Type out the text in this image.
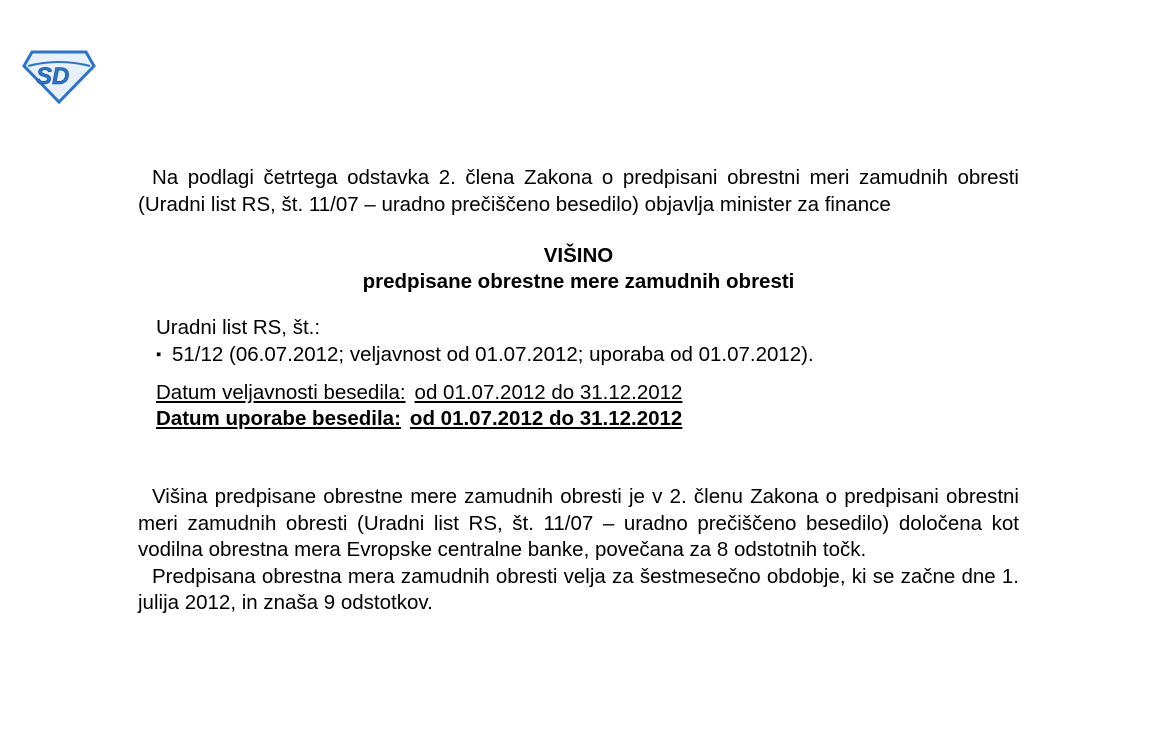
SD

Na podlagi četrtega odstavka 2. člena Zakona o predpisani obrestni meri zamudnih obresti (Uradni list RS, št. 11/07 – uradno prečiščeno besedilo) objavlja minister za finance

VIŠINO
predpisane obrestne mere zamudnih obresti
Uradni list RS, št.:
▪ 51/12 (06.07.2012; veljavnost od 01.07.2012; uporaba od 01.07.2012).
Datum veljavnosti besedila: od 01.07.2012 do 31.12.2012
Datum uporabe besedila: od 01.07.2012 do 31.12.2012

Višina predpisane obrestne mere zamudnih obresti je v 2. členu Zakona o predpisani obrestni meri zamudnih obresti (Uradni list RS, št. 11/07 – uradno prečiščeno besedilo) določena kot vodilna obrestna mera Evropske centralne banke, povečana za 8 odstotnih točk.

Predpisana obrestna mera zamudnih obresti velja za šestmesečno obdobje, ki se začne dne 1. julija 2012, in znaša 9 odstotkov.
